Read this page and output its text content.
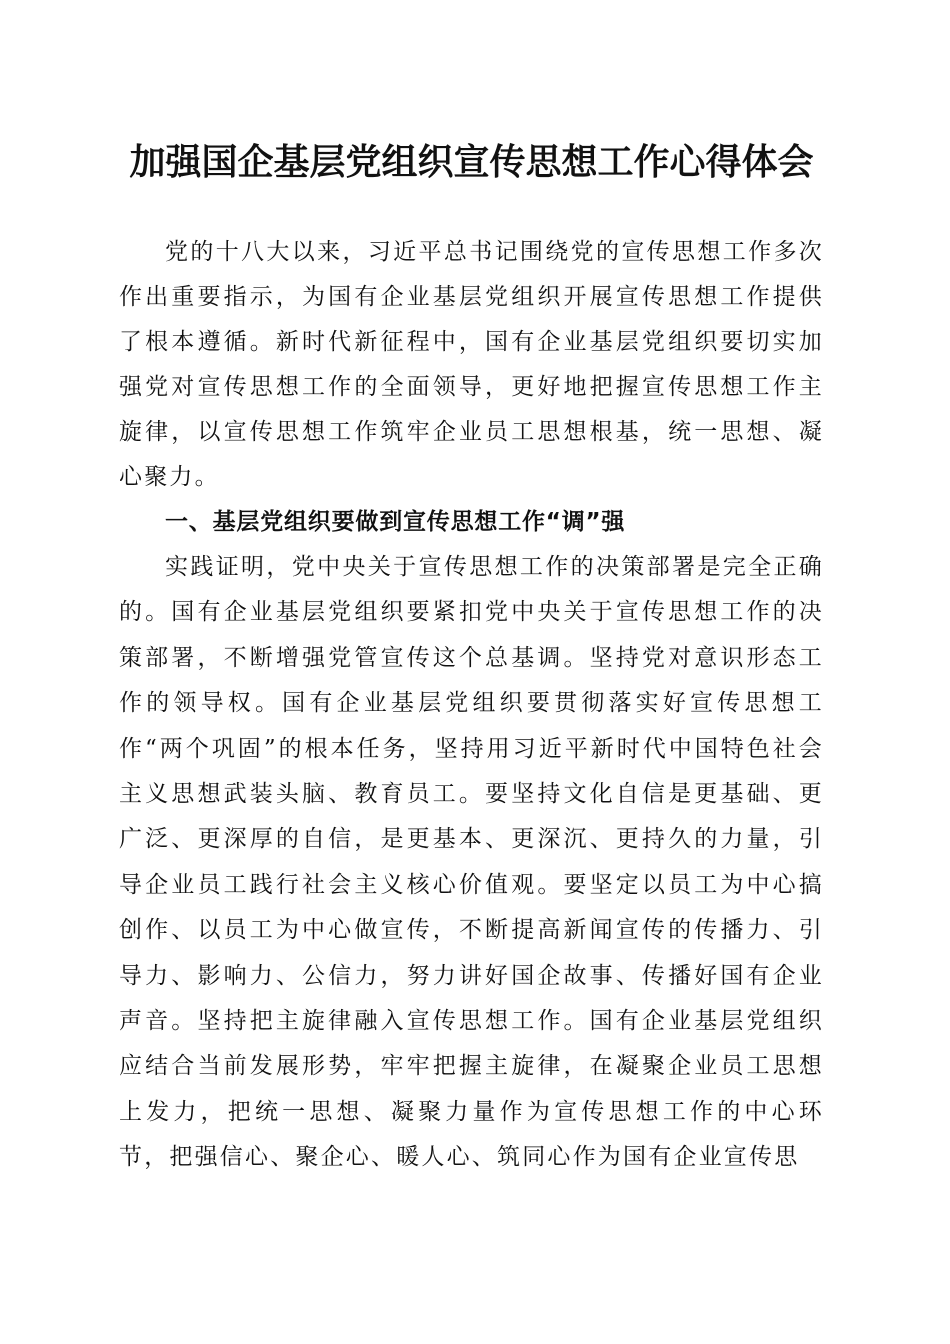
加强国企基层党组织宣传思想工作心得体会

党的十八大以来，习近平总书记围绕党的宣传思想工作多次作出重要指示，为国有企业基层党组织开展宣传思想工作提供了根本遵循。新时代新征程中，国有企业基层党组织要切实加强党对宣传思想工作的全面领导，更好地把握宣传思想工作主旋律，以宣传思想工作筑牢企业员工思想根基，统一思想、凝心聚力。

一、基层党组织要做到宣传思想工作“调”强

实践证明，党中央关于宣传思想工作的决策部署是完全正确的。国有企业基层党组织要紧扣党中央关于宣传思想工作的决策部署，不断增强党管宣传这个总基调。坚持党对意识形态工作的领导权。国有企业基层党组织要贯彻落实好宣传思想工作“两个巩固”的根本任务，坚持用习近平新时代中国特色社会主义思想武装头脑、教育员工。要坚持文化自信是更基础、更广泛、更深厚的自信，是更基本、更深沉、更持久的力量，引导企业员工践行社会主义核心价值观。要坚定以员工为中心搞创作、以员工为中心做宣传，不断提高新闻宣传的传播力、引导力、影响力、公信力，努力讲好国企故事、传播好国有企业声音。坚持把主旋律融入宣传思想工作。国有企业基层党组织应结合当前发展形势，牢牢把握主旋律，在凝聚企业员工思想上发力，把统一思想、凝聚力量作为宣传思想工作的中心环节，把强信心、聚企心、暖人心、筑同心作为国有企业宣传思
